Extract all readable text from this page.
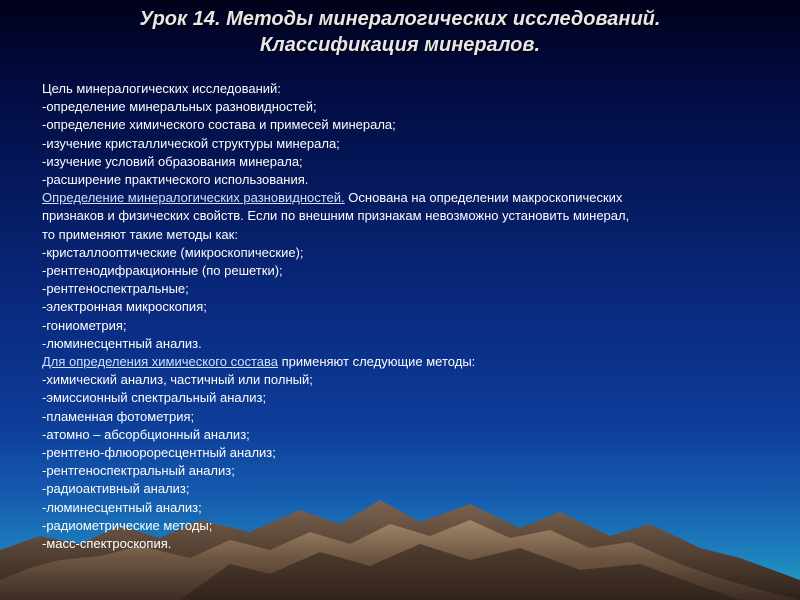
Урок 14. Методы минералогических исследований.
Классификация минералов.
Цель минералогических исследований:
-определение минеральных разновидностей;
-определение химического состава и примесей минерала;
-изучение кристаллической структуры минерала;
-изучение условий образования минерала;
-расширение практического использования.
Определение минералогических разновидностей. Основана на определении макроскопических
признаков и физических свойств. Если по внешним признакам невозможно установить минерал,
то применяют такие методы как:
-кристаллооптические (микроскопические);
-рентгенодифракционные (по решетки);
-рентгеноспектральные;
-электронная микроскопия;
-гониометрия;
-люминесцентный анализ.
Для определения химического состава применяют следующие методы:
-химический анализ, частичный или полный;
-эмиссионный спектральный анализ;
-пламенная фотометрия;
-атомно – абсорбционный анализ;
-рентгено-флюороресцентный анализ;
-рентгеноспектральный анализ;
-радиоактивный анализ;
-люминесцентный анализ;
-радиометрические методы;
-масс-спектроскопия.
